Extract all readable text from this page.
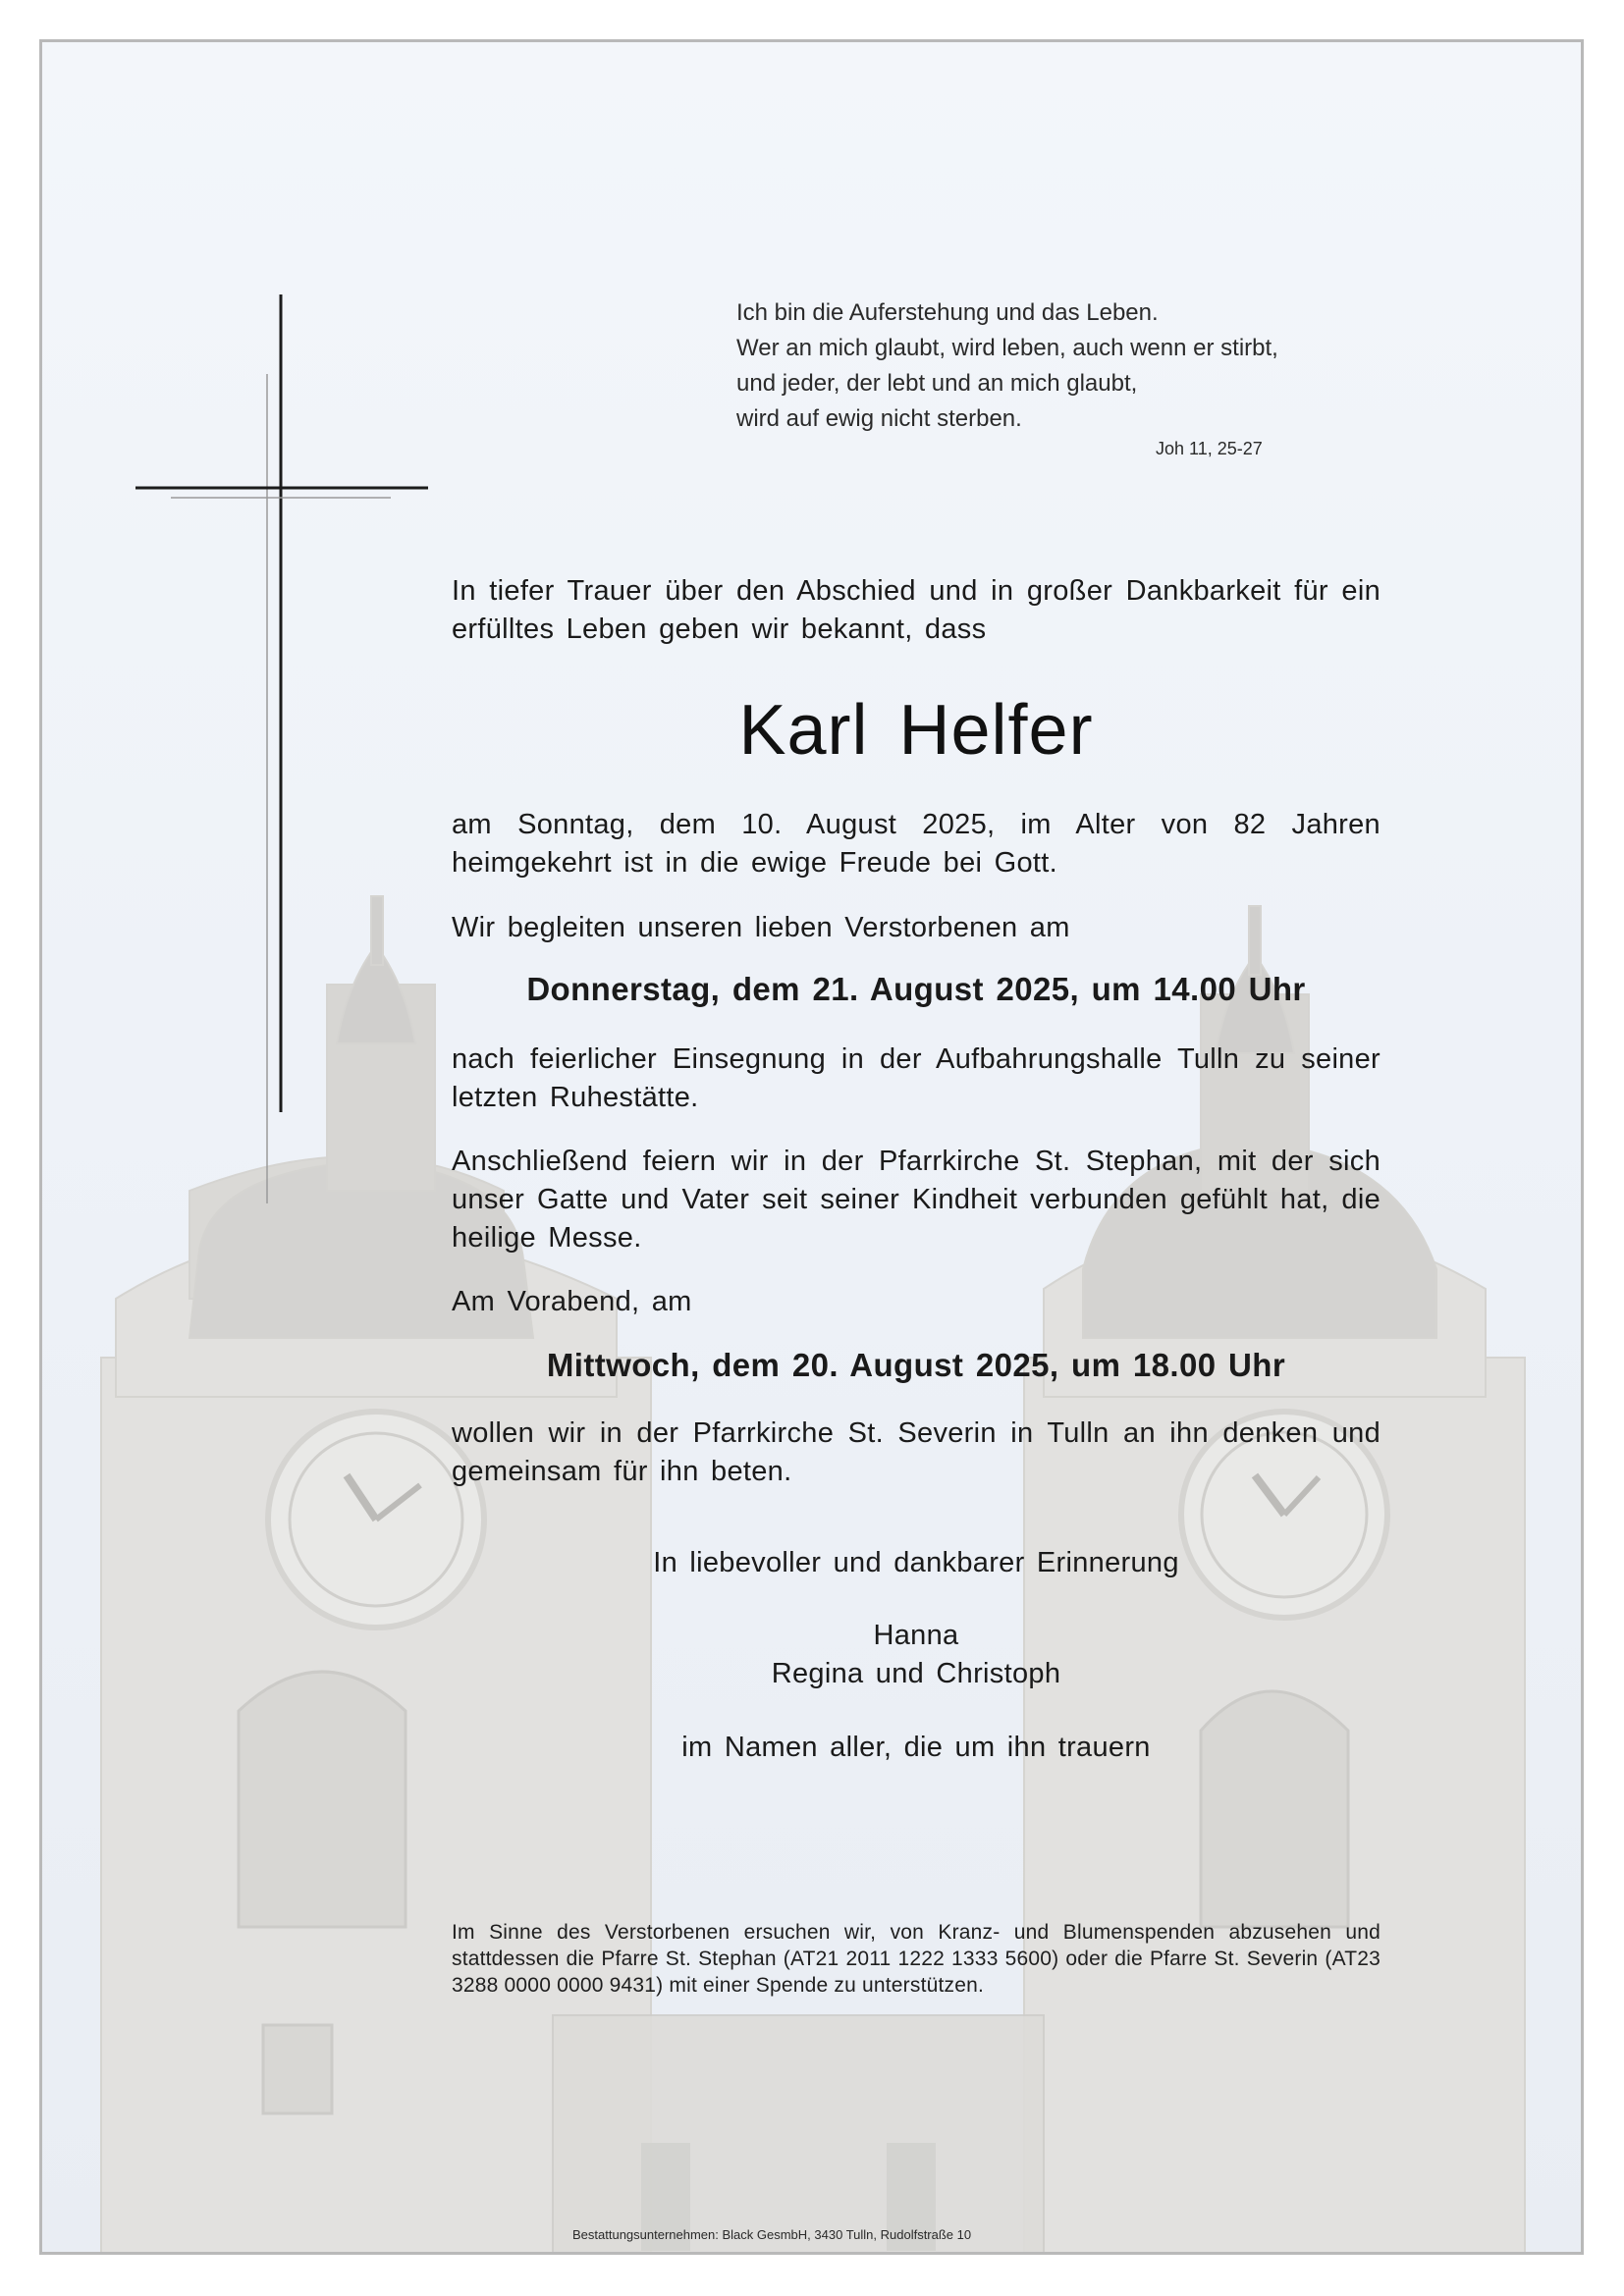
Ich bin die Auferstehung und das Leben.
Wer an mich glaubt, wird leben, auch wenn er stirbt,
und jeder, der lebt und an mich glaubt,
wird auf ewig nicht sterben.
Joh 11, 25-27
In tiefer Trauer über den Abschied und in großer Dankbarkeit für ein erfülltes Leben geben wir bekannt, dass
Karl Helfer
am Sonntag, dem 10. August 2025, im Alter von 82 Jahren heimgekehrt ist in die ewige Freude bei Gott.
Wir begleiten unseren lieben Verstorbenen am
Donnerstag, dem 21. August 2025, um 14.00 Uhr
nach feierlicher Einsegnung in der Aufbahrungshalle Tulln zu seiner letzten Ruhestätte.
Anschließend feiern wir in der Pfarrkirche St. Stephan, mit der sich unser Gatte und Vater seit seiner Kindheit verbunden gefühlt hat, die heilige Messe.
Am Vorabend, am
Mittwoch, dem 20. August 2025, um 18.00 Uhr
wollen wir in der Pfarrkirche St. Severin in Tulln an ihn denken und gemeinsam für ihn beten.
In liebevoller und dankbarer Erinnerung
Hanna
Regina und Christoph
im Namen aller, die um ihn trauern
Im Sinne des Verstorbenen ersuchen wir, von Kranz- und Blumenspenden abzusehen und stattdessen die Pfarre St. Stephan (AT21 2011 1222 1333 5600) oder die Pfarre St. Severin (AT23 3288 0000 0000 9431) mit einer Spende zu unterstützen.
Bestattungsunternehmen: Black GesmbH, 3430 Tulln, Rudolfstraße 10
